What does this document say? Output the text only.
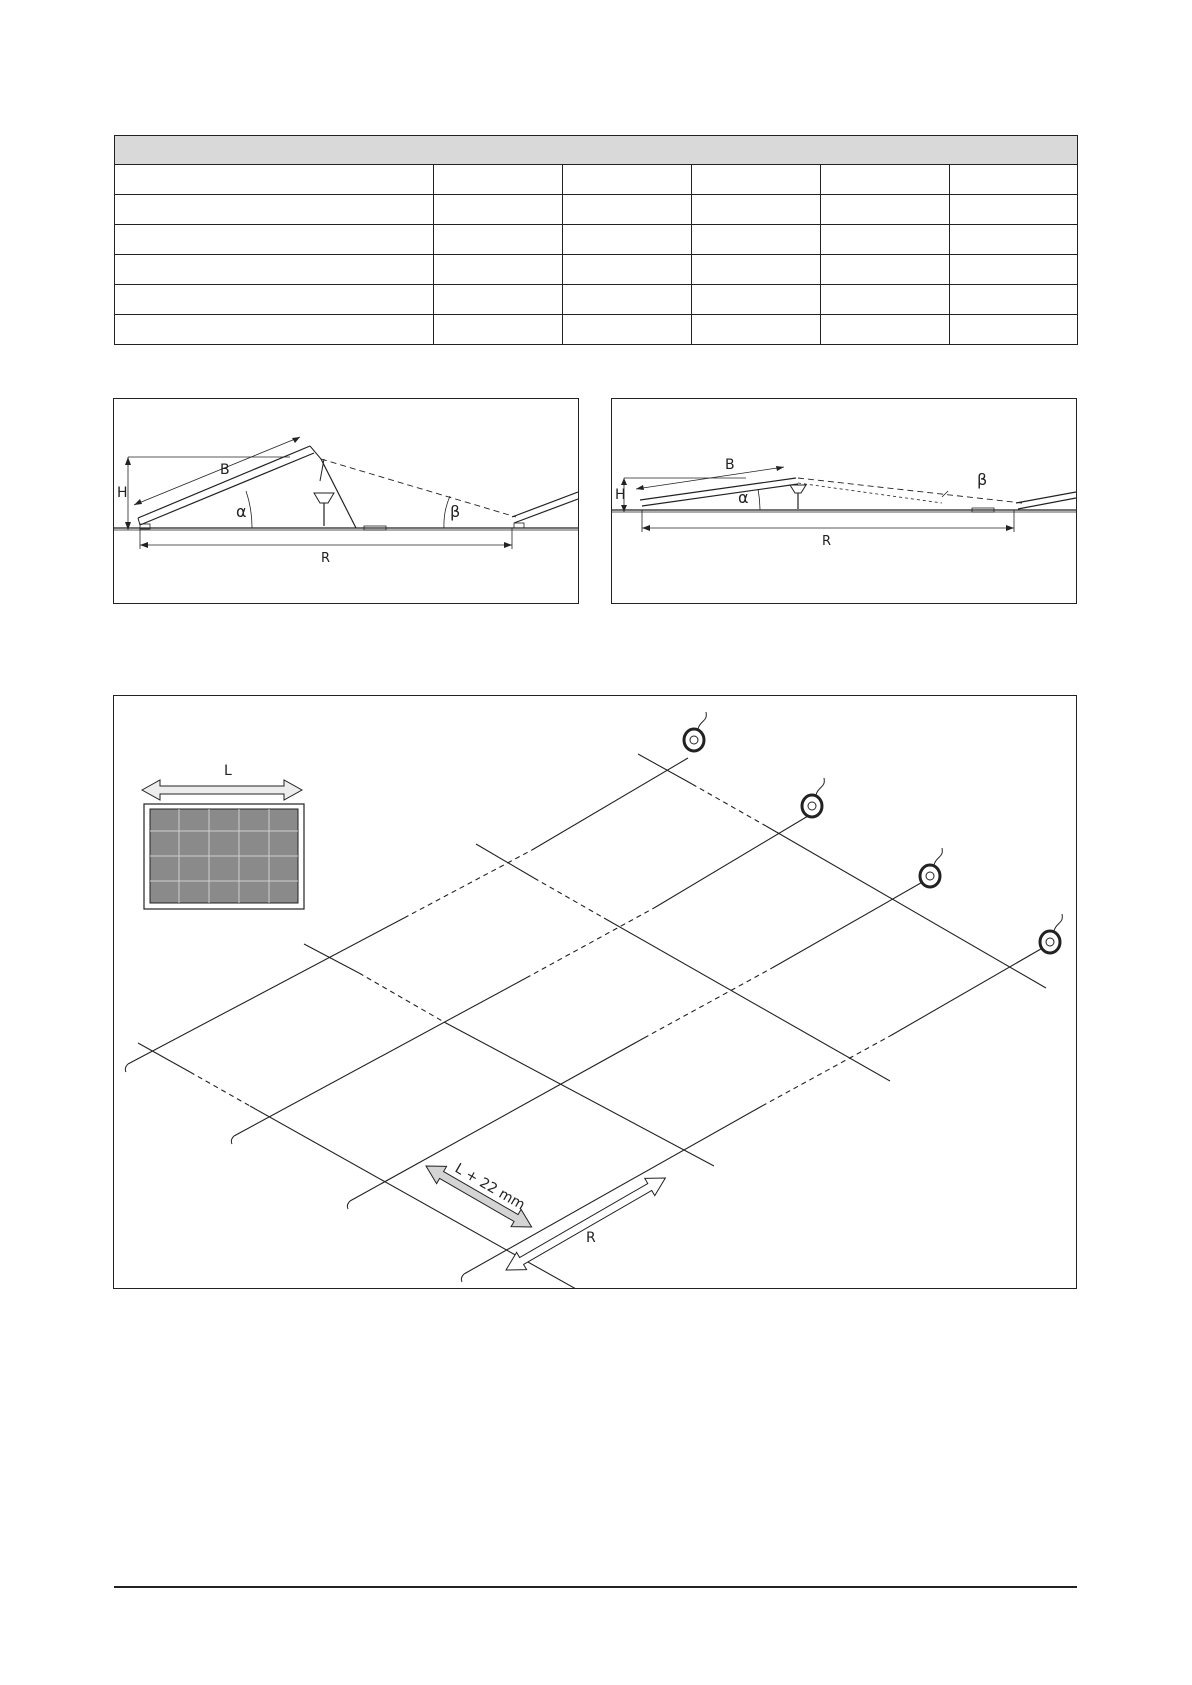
B
H
α	β
R
B
H	α
β
R
L
L + 22 mm
R
